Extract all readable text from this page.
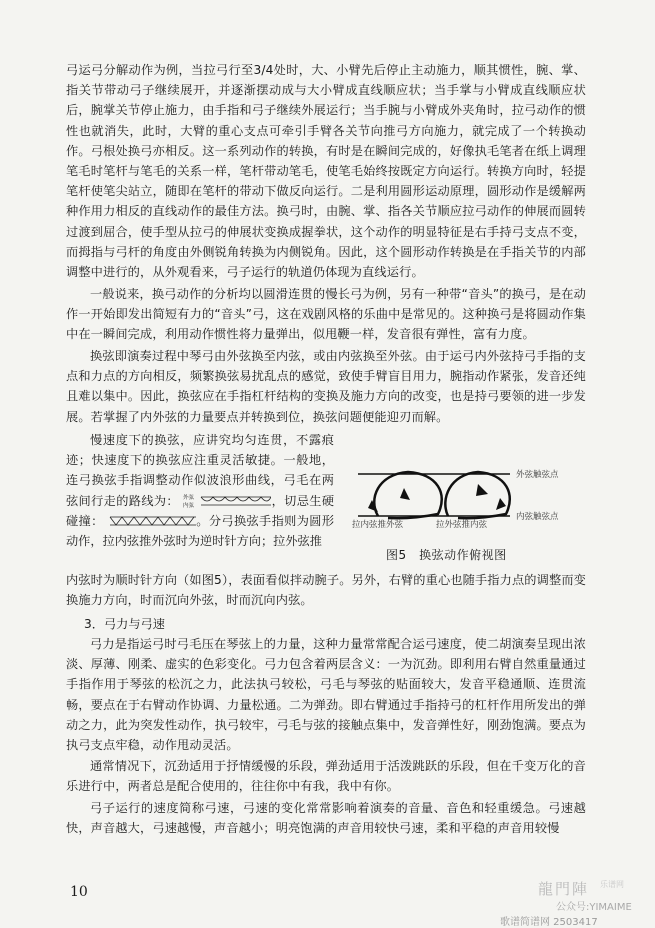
弓运弓分解动作为例，当拉弓行至3/4处时，大、小臂先后停止主动施力，顺其惯性，腕、掌、指关节带动弓子继续展开，并逐渐摆动成与大小臂成直线顺应状；当手掌与小臂成直线顺应状后，腕掌关节停止施力，由手指和弓子继续外展运行；当手腕与小臂成外夹角时，拉弓动作的惯性也就消失，此时，大臂的重心支点可牵引手臂各关节向推弓方向施力，就完成了一个转换动作。弓根处换弓亦相反。这一系列动作的转换，有时是在瞬间完成的，好像执毛笔者在纸上调理笔毛时笔杆与笔毛的关系一样，笔杆带动笔毛，使笔毛始终按既定方向运行。转换方向时，轻提笔杆使笔尖站立，随即在笔杆的带动下做反向运行。二是利用圆形运动原理，圆形动作是缓解两种作用力相反的直线动作的最佳方法。换弓时，由腕、掌、指各关节顺应拉弓动作的伸展而圆转过渡到屈合，使手型从拉弓的伸展状变换成握拳状，这个动作的明显特征是右手持弓支点不变，而拇指与弓杆的角度由外侧锐角转换为内侧锐角。因此，这个圆形动作转换是在手指关节的内部调整中进行的，从外观看来，弓子运行的轨道仍体现为直线运行。

一般说来，换弓动作的分析均以圆滑连贯的慢长弓为例，另有一种带“音头”的换弓，是在动作一开始即发出简短有力的“音头”弓，这在戏剧风格的乐曲中是常见的。这种换弓是将圆动作集中在一瞬间完成，利用动作惯性将力量弹出，似甩鞭一样，发音很有弹性，富有力度。

换弦即演奏过程中琴弓由外弦换至内弦，或由内弦换至外弦。由于运弓内外弦持弓手指的支点和力点的方向相反，频繁换弦易扰乱点的感觉，致使手臂盲目用力，腕指动作紧张，发音还纯且难以集中。因此，换弦应在手指杠杆结构的变换及施力方向的改变，也是持弓要领的进一步发展。若掌握了内外弦的力量要点并转换到位，换弦问题便能迎刃而解。

慢速度下的换弦，应讲究均匀连贯，不露痕迹；快速度下的换弦应注重灵活敏捷。一般地，连弓换弦手指调整动作似波浪形曲线，弓毛在两弦间行走的路线为： 外弦
内弦	，切忌生硬碰撞：	。分弓换弦手指则为圆形动作，拉内弦推外弦时为逆时针方向；拉外弦推

内弦时为顺时针方向（如图5），表面看似拌动腕子。另外，右臂的重心也随手指力点的调整而变换施力方向，时而沉向外弦，时而沉向内弦。

外弦触弦点
内弦触弦点
拉内弦推外弦	拉外弦推内弦
图5　换弦动作俯视图
3．弓力与弓速

弓力是指运弓时弓毛压在琴弦上的力量，这种力量常常配合运弓速度，使二胡演奏呈现出浓淡、厚薄、刚柔、虚实的色彩变化。弓力包含着两层含义：一为沉劲。即利用右臂自然重量通过手指作用于琴弦的松沉之力，此法执弓较松，弓毛与琴弦的贴面较大，发音平稳通顺、连贯流畅，要点在于右臂动作协调、力量松通。二为弹劲。即右臂通过手指持弓的杠杆作用所发出的弹动之力，此为突发性动作，执弓较牢，弓毛与弦的接触点集中，发音弹性好，刚劲饱满。要点为执弓支点牢稳，动作甩动灵活。

通常情况下，沉劲适用于抒情缓慢的乐段，弹劲适用于活泼跳跃的乐段，但在千变万化的音乐进行中，两者总是配合使用的，往往你中有我，我中有你。

弓子运行的速度简称弓速，弓速的变化常常影响着演奏的音量、音色和轻重缓急。弓速越快，声音越大，弓速越慢，声音越小；明亮饱满的声音用较快弓速，柔和平稳的声音用较慢

10	龍門陣 乐谱网
公众号:YIMAIME
歌谱简谱网 2503417
